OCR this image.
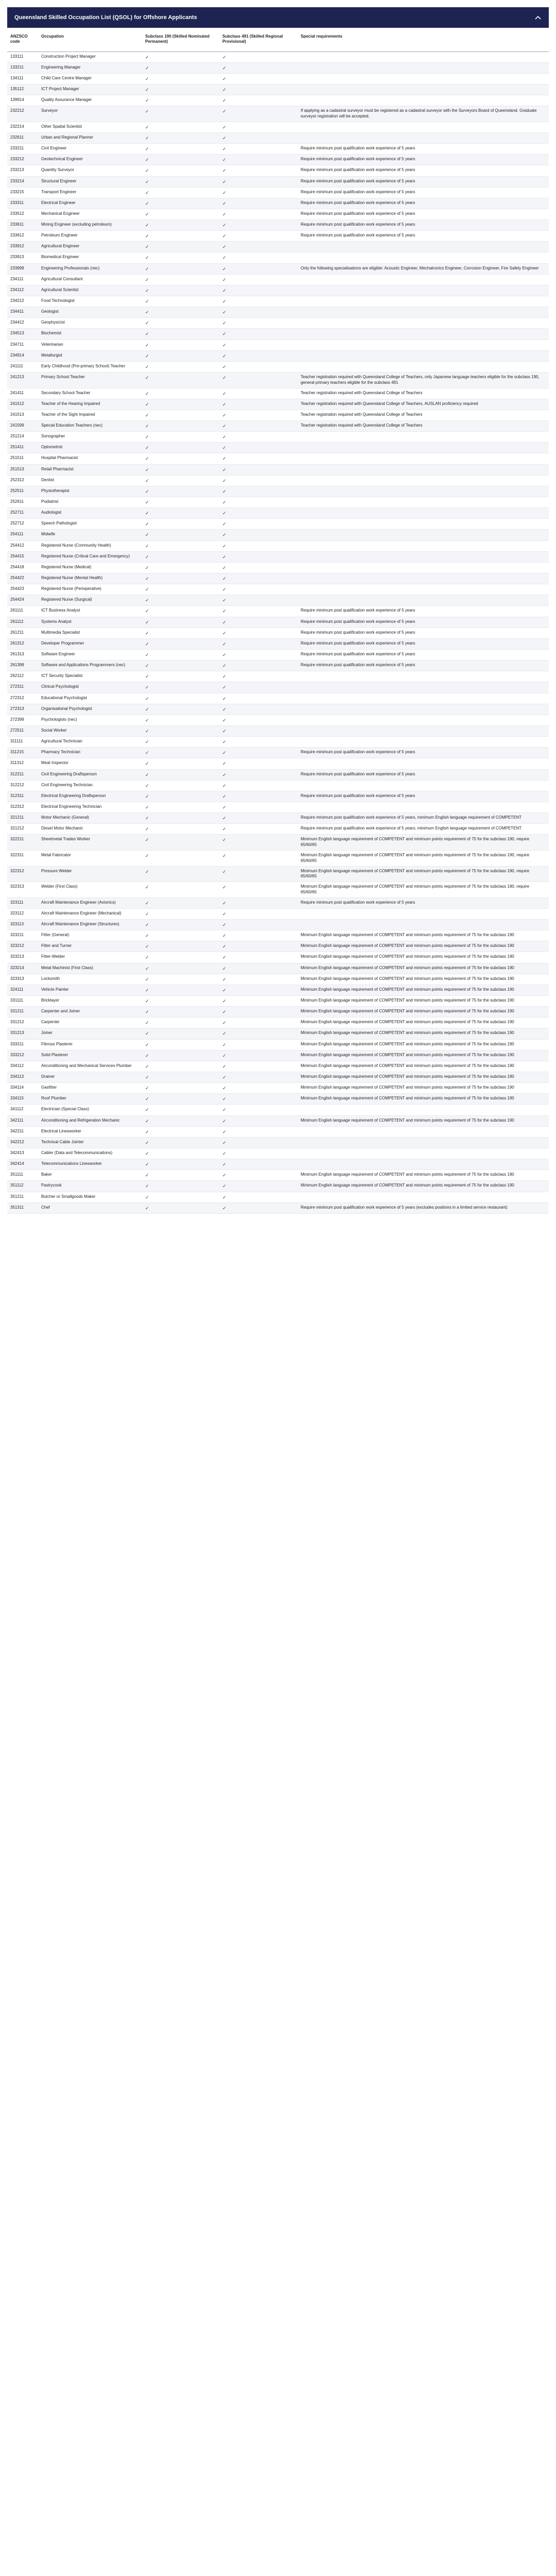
Queensland Skilled Occupation List (QSOL) for Offshore Applicants
ANZSCO code	Occupation	Subclass 190 (Skilled Nominated Permanent)	Subclass 491 (Skilled Regional Provisional)	Special requirements
133111	Construction Project Manager	✓	✓	
133211	Engineering Manager	✓	✓	
134111	Child Care Centre Manager	✓	✓	
135112	ICT Project Manager	✓	✓	
139914	Quality Assurance Manager	✓	✓	
232212	Surveyor	✓	✓	If applying as a cadastral surveyor must be registered as a cadastral surveyor with the Surveyors Board of Queensland. Graduate surveyor registration will be accepted.
232214	Other Spatial Scientist	✓	✓	
232611	Urban and Regional Planner	✓	✓	
233211	Civil Engineer	✓	✓	Require minimum post qualification work experience of 5 years
233212	Geotechnical Engineer	✓	✓	Require minimum post qualification work experience of 5 years
233213	Quantity Surveyor	✓	✓	Require minimum post qualification work experience of 5 years
233214	Structural Engineer	✓	✓	Require minimum post qualification work experience of 5 years
233215	Transport Engineer	✓	✓	Require minimum post qualification work experience of 5 years
233311	Electrical Engineer	✓	✓	Require minimum post qualification work experience of 5 years
233512	Mechanical Engineer	✓	✓	Require minimum post qualification work experience of 5 years
233611	Mining Engineer (excluding petroleum)	✓	✓	Require minimum post qualification work experience of 5 years
233612	Petroleum Engineer	✓	✓	Require minimum post qualification work experience of 5 years
233912	Agricultural Engineer	✓	✓	
233913	Biomedical Engineer	✓	✓	
233999	Engineering Professionals (nec)	✓	✓	Only the following specialisations are eligible: Acoustic Engineer, Mechatronics Engineer, Corrosion Engineer, Fire Safety Engineer
234111	Agricultural Consultant	✓	✓	
234112	Agricultural Scientist	✓	✓	
234212	Food Technologist	✓	✓	
234411	Geologist	✓	✓	
234412	Geophysicist	✓	✓	
234513	Biochemist	✓	✓	
234711	Veterinarian	✓	✓	
234914	Metallurgist	✓	✓	
241111	Early Childhood (Pre-primary School) Teacher	✓	✓	
241213	Primary School Teacher	✓	✓	Teacher registration required with Queensland College of Teachers, only Japanese language teachers eligible for the subclass 190, general primary teachers eligible for the subclass 491
241411	Secondary School Teacher	✓	✓	Teacher registration required with Queensland College of Teachers
241512	Teacher of the Hearing Impaired	✓	✓	Teacher registration required with Queensland College of Teachers, AUSLAN proficiency required
241513	Teacher of the Sight Impaired	✓	✓	Teacher registration required with Queensland College of Teachers
241599	Special Education Teachers (nec)	✓	✓	Teacher registration required with Queensland College of Teachers
251214	Sonographer	✓	✓	
251411	Optometrist	✓	✓	
251511	Hospital Pharmacist	✓	✓	
251513	Retail Pharmacist	✓	✓	
252312	Dentist	✓	✓	
252511	Physiotherapist	✓	✓	
252611	Podiatrist	✓	✓	
252711	Audiologist	✓	✓	
252712	Speech Pathologist	✓	✓	
254111	Midwife	✓	✓	
254412	Registered Nurse (Community Health)	✓	✓	
254415	Registered Nurse (Critical Care and Emergency)	✓	✓	
254418	Registered Nurse (Medical)	✓	✓	
254422	Registered Nurse (Mental Health)	✓	✓	
254423	Registered Nurse (Perioperative)	✓	✓	
254424	Registered Nurse (Surgical)	✓	✓	
261111	ICT Business Analyst	✓	✓	Require minimum post qualification work experience of 5 years
261112	Systems Analyst	✓	✓	Require minimum post qualification work experience of 5 years
261211	Multimedia Specialist	✓	✓	Require minimum post qualification work experience of 5 years
261312	Developer Programmer	✓	✓	Require minimum post qualification work experience of 5 years
261313	Software Engineer	✓	✓	Require minimum post qualification work experience of 5 years
261399	Software and Applications Programmers (nec)	✓	✓	Require minimum post qualification work experience of 5 years
262112	ICT Security Specialist	✓	✓	
272311	Clinical Psychologist	✓	✓	
272312	Educational Psychologist	✓	✓	
272313	Organisational Psychologist	✓	✓	
272399	Psychologists (nec)	✓	✓	
272511	Social Worker	✓	✓	
311111	Agricultural Technician	✓	✓	
311215	Pharmacy Technician	✓	✓	Require minimum post qualification work experience of 5 years
311312	Meat Inspector	✓	✓	
312211	Civil Engineering Draftsperson	✓	✓	Require minimum post qualification work experience of 5 years
312212	Civil Engineering Technician	✓	✓	
312311	Electrical Engineering Draftsperson	✓	✓	Require minimum post qualification work experience of 5 years
312312	Electrical Engineering Technician	✓	✓	
321211	Motor Mechanic (General)	✓	✓	Require minimum post qualification work experience of 5 years, minimum English language requirement of COMPETENT
321212	Diesel Motor Mechanic	✓	✓	Require minimum post qualification work experience of 5 years, minimum English language requirement of COMPETENT
322211	Sheetmetal Trades Worker	✓	✓	Minimum English language requirement of COMPETENT and minimum points requirement of 75 for the subclass 190, require 65/60/65
322311	Metal Fabricator	✓	✓	Minimum English language requirement of COMPETENT and minimum points requirement of 75 for the subclass 190, require 65/60/65
322312	Pressure Welder	✓	✓	Minimum English language requirement of COMPETENT and minimum points requirement of 75 for the subclass 190, require 65/60/65
322313	Welder (First Class)	✓	✓	Minimum English language requirement of COMPETENT and minimum points requirement of 75 for the subclass 190, require 65/60/65
323111	Aircraft Maintenance Engineer (Avionics)	✓	✓	Require minimum post qualification work experience of 5 years
323112	Aircraft Maintenance Engineer (Mechanical)	✓	✓	
323113	Aircraft Maintenance Engineer (Structures)	✓	✓	
323211	Fitter (General)	✓	✓	Minimum English language requirement of COMPETENT and minimum points requirement of 75 for the subclass 190
323212	Fitter and Turner	✓	✓	Minimum English language requirement of COMPETENT and minimum points requirement of 75 for the subclass 190
323213	Fitter-Welder	✓	✓	Minimum English language requirement of COMPETENT and minimum points requirement of 75 for the subclass 190
323214	Metal Machinist (First Class)	✓	✓	Minimum English language requirement of COMPETENT and minimum points requirement of 75 for the subclass 190
323313	Locksmith	✓	✓	Minimum English language requirement of COMPETENT and minimum points requirement of 75 for the subclass 190
324111	Vehicle Painter	✓	✓	Minimum English language requirement of COMPETENT and minimum points requirement of 75 for the subclass 190
331111	Bricklayer	✓	✓	Minimum English language requirement of COMPETENT and minimum points requirement of 75 for the subclass 190
331211	Carpenter and Joiner	✓	✓	Minimum English language requirement of COMPETENT and minimum points requirement of 75 for the subclass 190
331212	Carpenter	✓	✓	Minimum English language requirement of COMPETENT and minimum points requirement of 75 for the subclass 190
331213	Joiner	✓	✓	Minimum English language requirement of COMPETENT and minimum points requirement of 75 for the subclass 190
333211	Fibrous Plasterer	✓	✓	Minimum English language requirement of COMPETENT and minimum points requirement of 75 for the subclass 190
333212	Solid Plasterer	✓	✓	Minimum English language requirement of COMPETENT and minimum points requirement of 75 for the subclass 190
334112	Airconditioning and Mechanical Services Plumber	✓	✓	Minimum English language requirement of COMPETENT and minimum points requirement of 75 for the subclass 190
334113	Drainer	✓	✓	Minimum English language requirement of COMPETENT and minimum points requirement of 75 for the subclass 190
334114	Gasfitter	✓	✓	Minimum English language requirement of COMPETENT and minimum points requirement of 75 for the subclass 190
334115	Roof Plumber	✓	✓	Minimum English language requirement of COMPETENT and minimum points requirement of 75 for the subclass 190
341112	Electrician (Special Class)	✓	✓	
342111	Airconditioning and Refrigeration Mechanic	✓	✓	Minimum English language requirement of COMPETENT and minimum points requirement of 75 for the subclass 190
342211	Electrical Linesworker	✓	✓	
342212	Technical Cable Jointer	✓	✓	
342413	Cabler (Data and Telecommunications)	✓	✓	
342414	Telecommunications Linesworker	✓	✓	
351111	Baker	✓	✓	Minimum English language requirement of COMPETENT and minimum points requirement of 75 for the subclass 190
351112	Pastrycook	✓	✓	Minimum English language requirement of COMPETENT and minimum points requirement of 75 for the subclass 190
351211	Butcher or Smallgoods Maker	✓	✓	
351311	Chef	✓	✓	Require minimum post qualification work experience of 5 years (excludes positions in a limited service restaurant)
